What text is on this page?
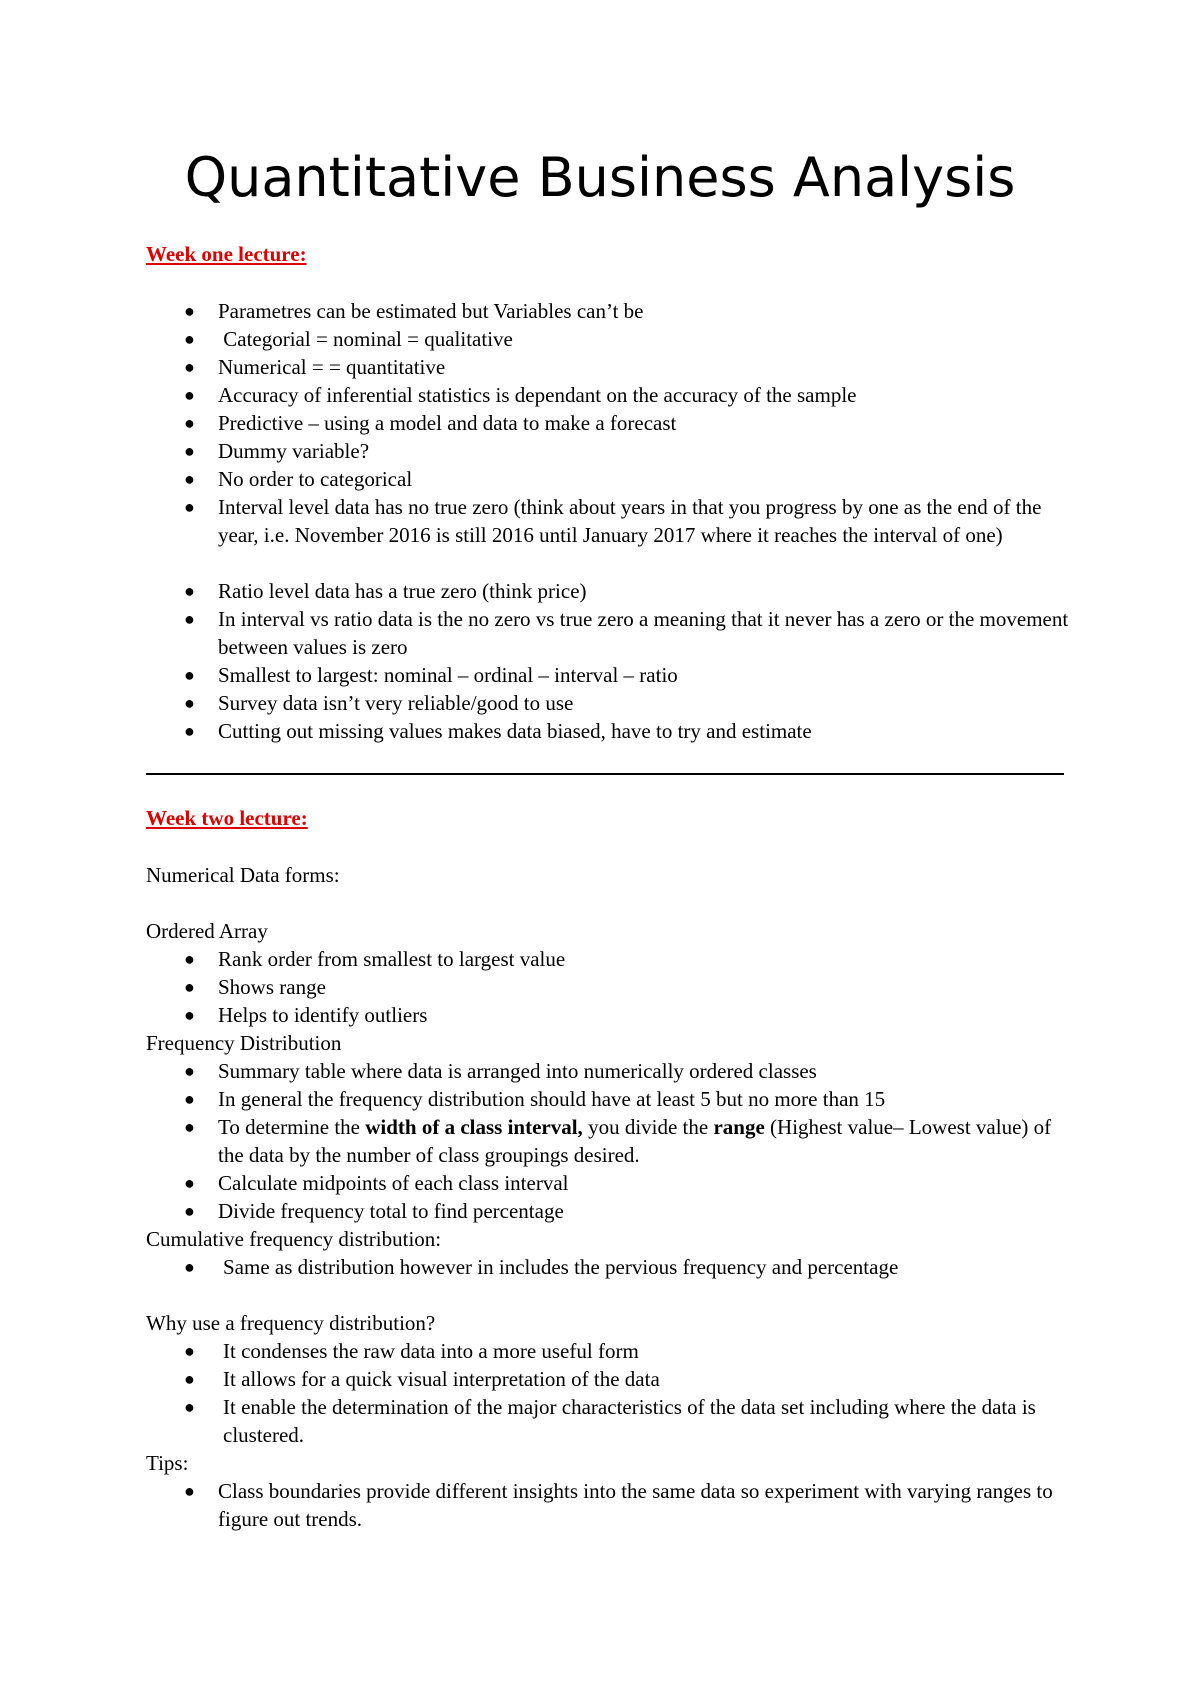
Quantitative Business Analysis
Week one lecture:
● Parametres can be estimated but Variables can’t be
● Categorial = nominal = qualitative
● Numerical = = quantitative
● Accuracy of inferential statistics is dependant on the accuracy of the sample
● Predictive – using a model and data to make a forecast
● Dummy variable?
● No order to categorical
● Interval level data has no true zero (think about years in that you progress by one as the end of the year, i.e. November 2016 is still 2016 until January 2017 where it reaches the interval of one)
● Ratio level data has a true zero (think price)
● In interval vs ratio data is the no zero vs true zero a meaning that it never has a zero or the movement between values is zero
● Smallest to largest: nominal – ordinal – interval – ratio
● Survey data isn’t very reliable/good to use
● Cutting out missing values makes data biased, have to try and estimate
Week two lecture:
Numerical Data forms:
Ordered Array
● Rank order from smallest to largest value
● Shows range
● Helps to identify outliers
Frequency Distribution
● Summary table where data is arranged into numerically ordered classes
● In general the frequency distribution should have at least 5 but no more than 15
● To determine the width of a class interval, you divide the range (Highest value– Lowest value) of the data by the number of class groupings desired.
● Calculate midpoints of each class interval
● Divide frequency total to find percentage
Cumulative frequency distribution:
● Same as distribution however in includes the pervious frequency and percentage
Why use a frequency distribution?
● It condenses the raw data into a more useful form
● It allows for a quick visual interpretation of the data
● It enable the determination of the major characteristics of the data set including where the data is clustered.
Tips:
● Class boundaries provide different insights into the same data so experiment with varying ranges to figure out trends.
